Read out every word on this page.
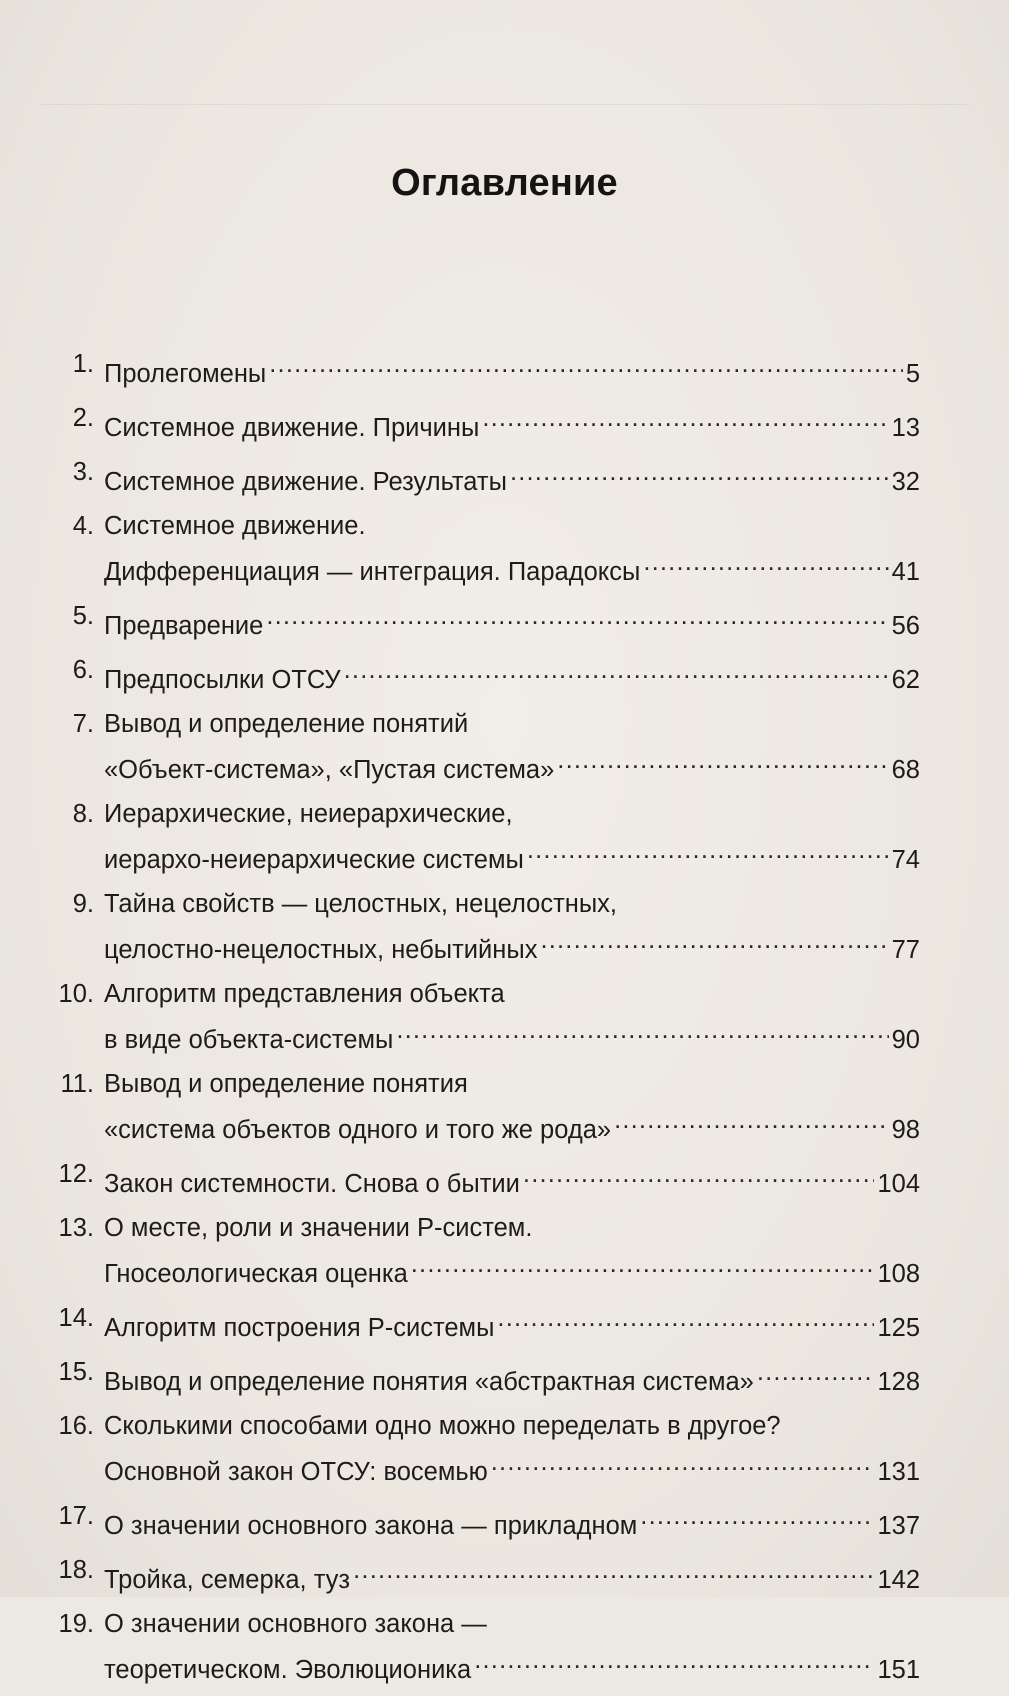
Оглавление
1. Пролегомены .....	5
2. Системное движение. Причины .....	13
3. Системное движение. Результаты .....	32
4. Системное движение.
Дифференциация — интеграция. Парадоксы .....	41
5. Предварение .....	56
6. Предпосылки ОТСУ .....	62
7. Вывод и определение понятий
«Объект-система», «Пустая система» .....	68
8. Иерархические, неиерархические,
иерархо-неиерархические системы .....	74
9. Тайна свойств — целостных, нецелостных,
целостно-нецелостных, небытийных .....	77
10. Алгоритм представления объекта
в виде объекта-системы .....	90
11. Вывод и определение понятия
«система объектов одного и того же рода» .....	98
12. Закон системности. Снова о бытии .....	104
13. О месте, роли и значении Р-систем.
Гносеологическая оценка .....	108
14. Алгоритм построения Р-системы .....	125
15. Вывод и определение понятия «абстрактная система» .....	128
16. Сколькими способами одно можно переделать в другое?
Основной закон ОТСУ: восемью .....	131
17. О значении основного закона — прикладном .....	137
18. Тройка, семерка, туз .....	142
19. О значении основного закона —
теоретическом. Эволюционика .....	151
